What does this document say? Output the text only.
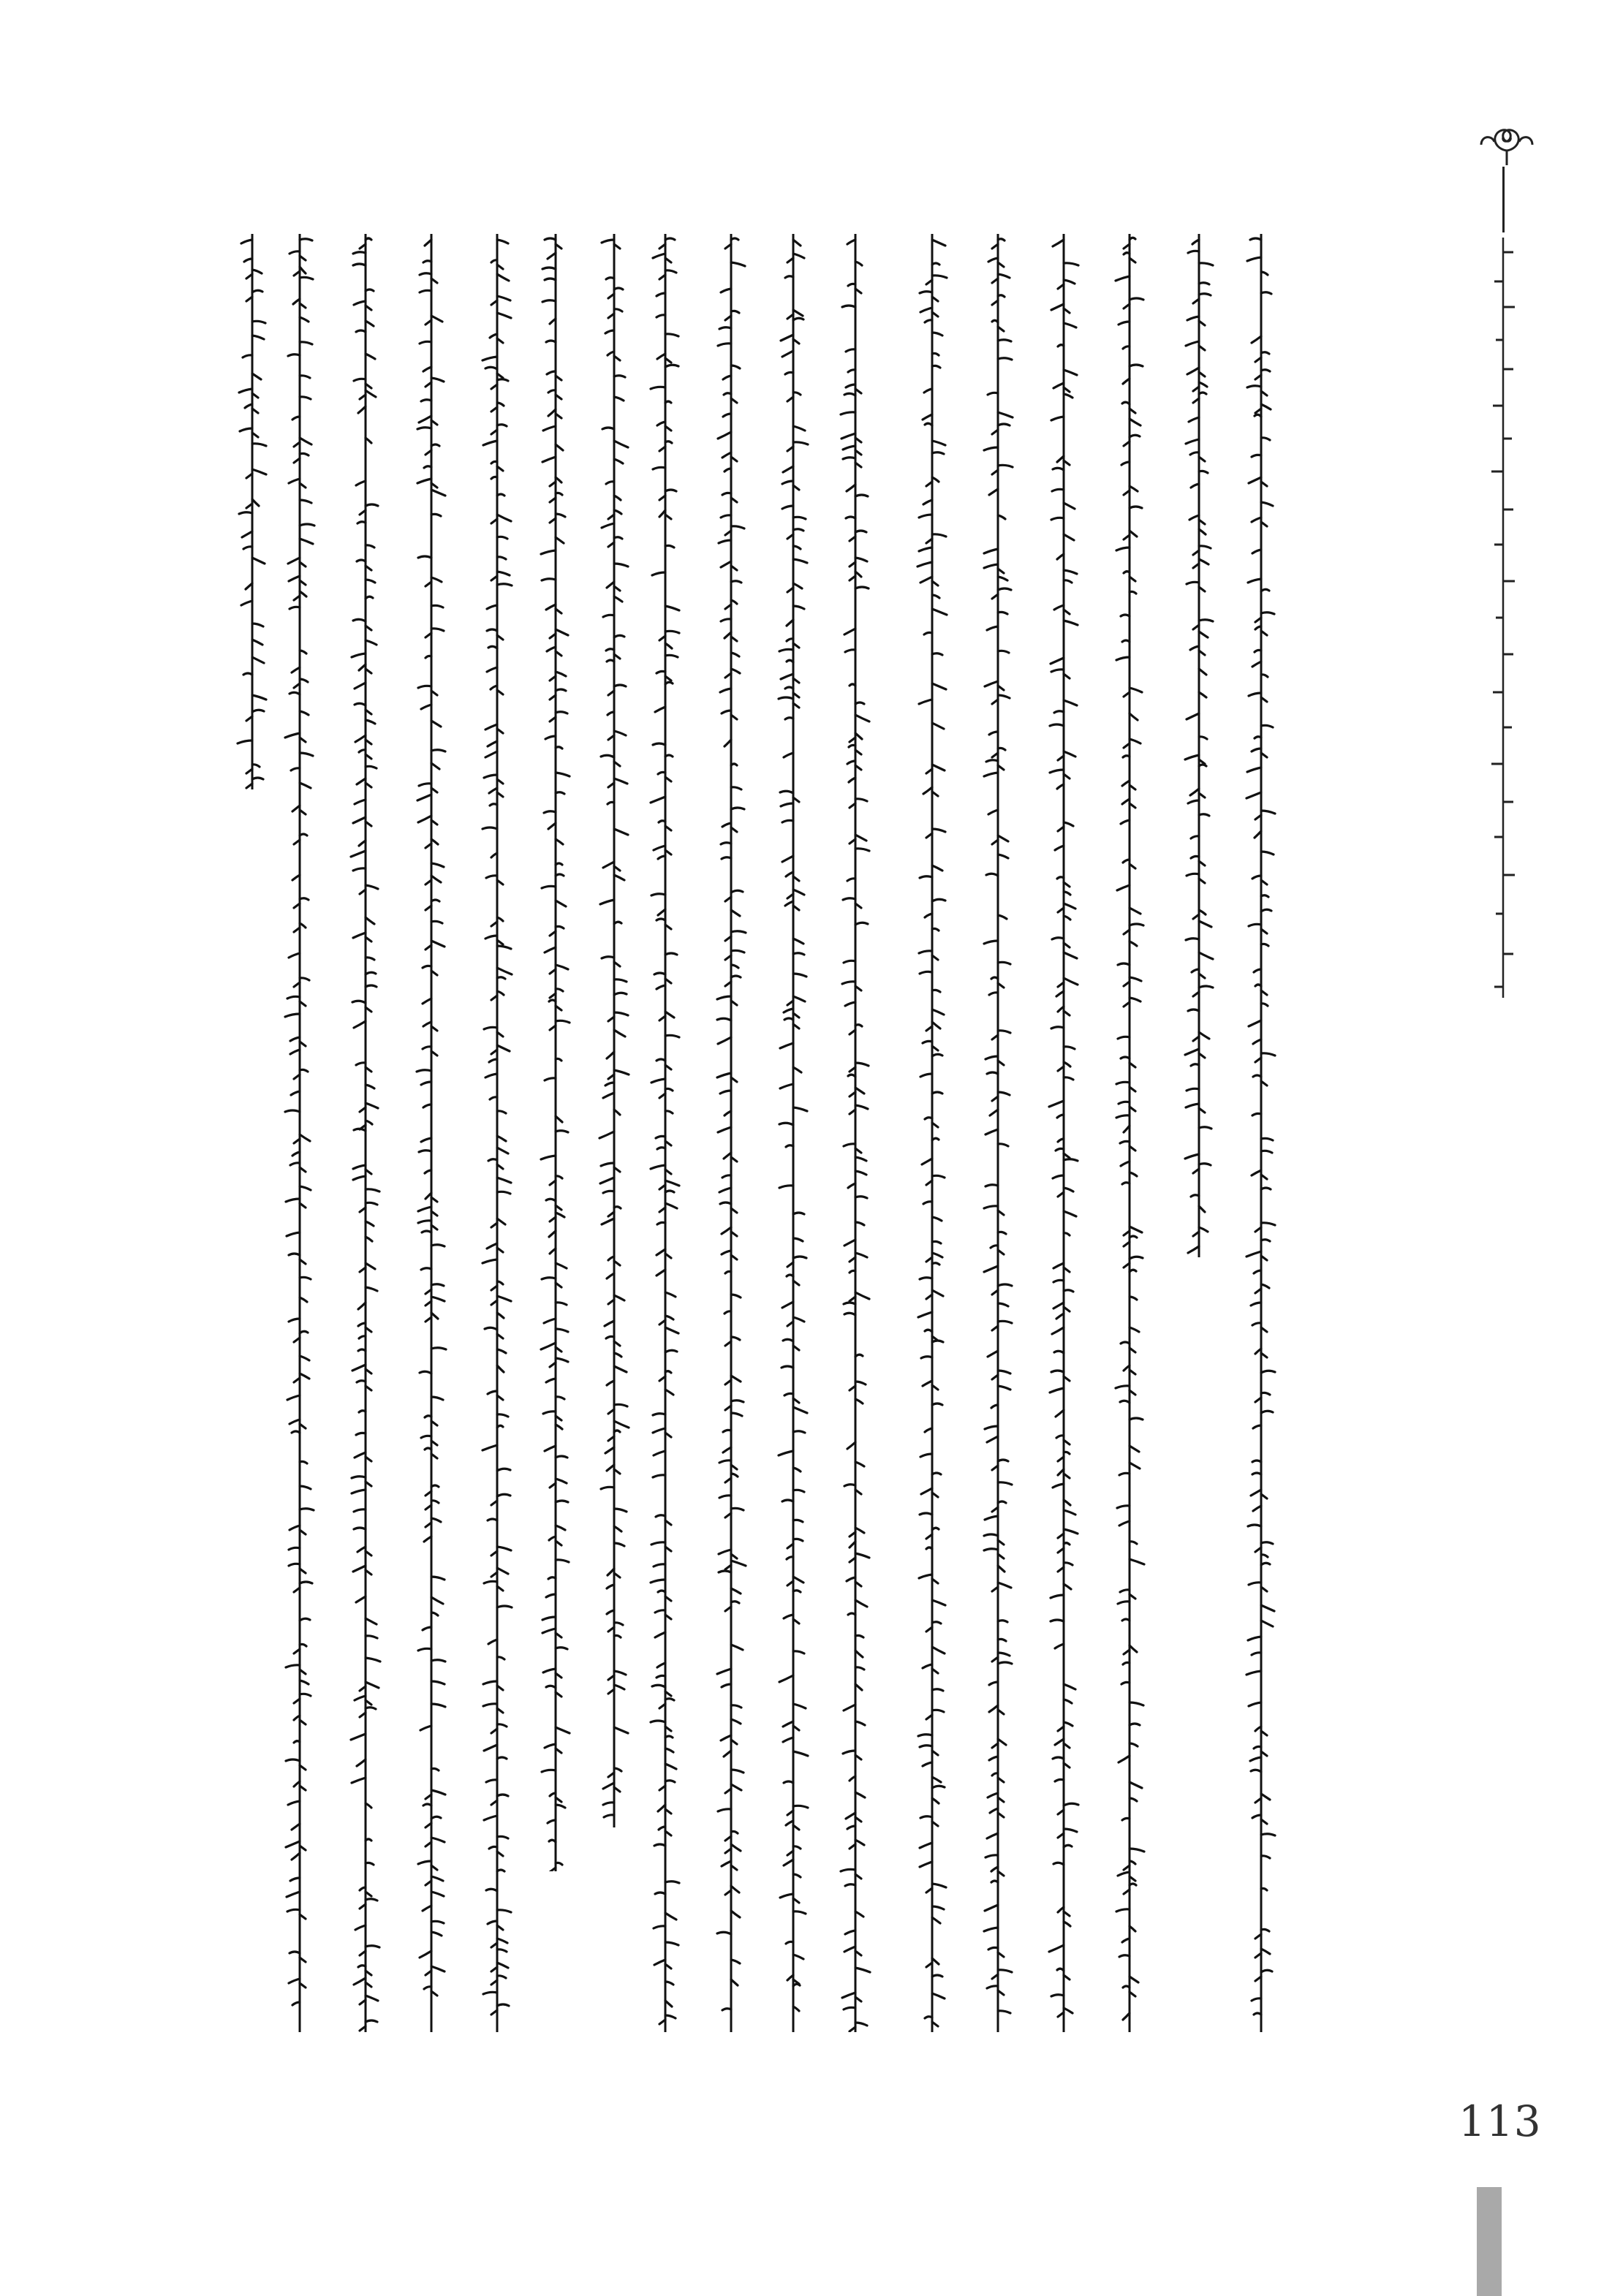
113
